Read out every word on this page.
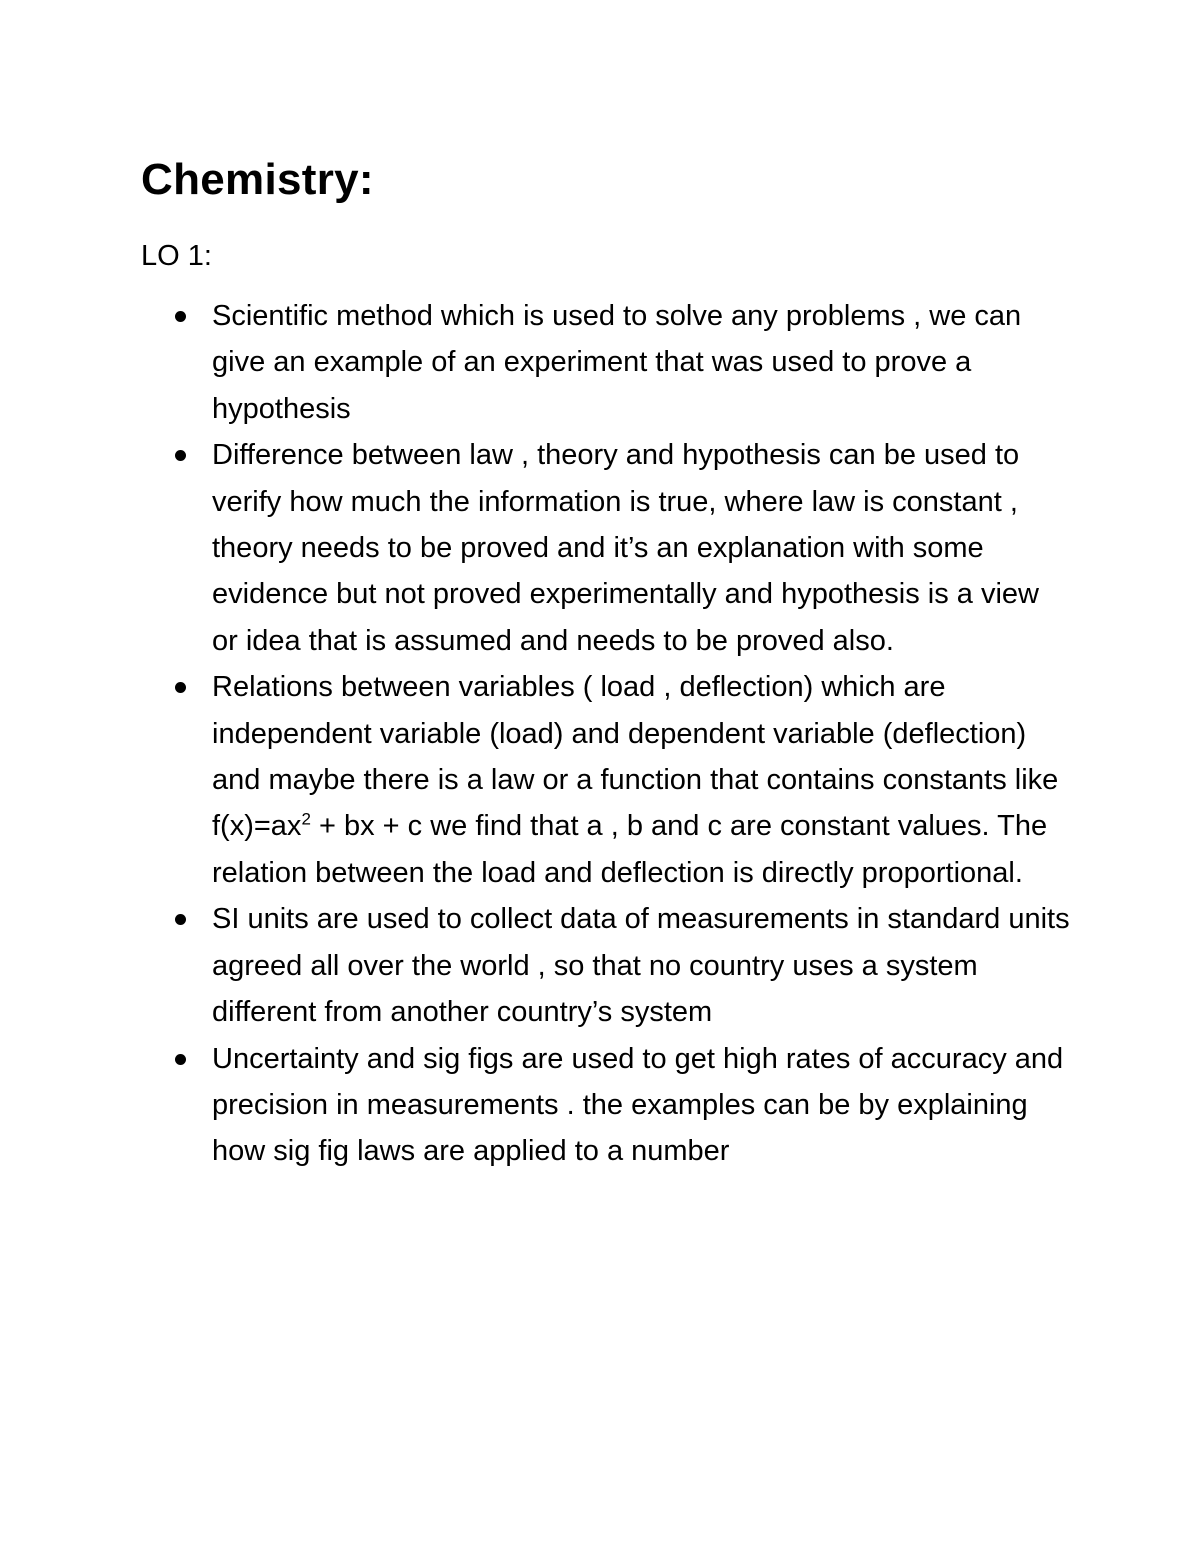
Chemistry:

LO 1:

Scientific method which is used to solve any problems , we can give an example of an experiment that was used to prove a hypothesis
Difference between law , theory and hypothesis can be used to verify how much the information is true, where law is constant , theory needs to be proved and it’s an explanation with some evidence but not proved experimentally and hypothesis is a view or idea that is assumed and needs to be proved also.
Relations between variables ( load , deflection) which are independent variable (load) and dependent variable (deflection) and maybe there is a law or a function that contains constants like $f(x)=ax^2$ + bx + c we find that a , b and c are constant values. The relation between the load and deflection is directly proportional.
SI units are used to collect data of measurements in standard units agreed all over the world , so that no country uses a system different from another country’s system
Uncertainty and sig figs are used to get high rates of accuracy and precision in measurements . the examples can be by explaining how sig fig laws are applied to a number
